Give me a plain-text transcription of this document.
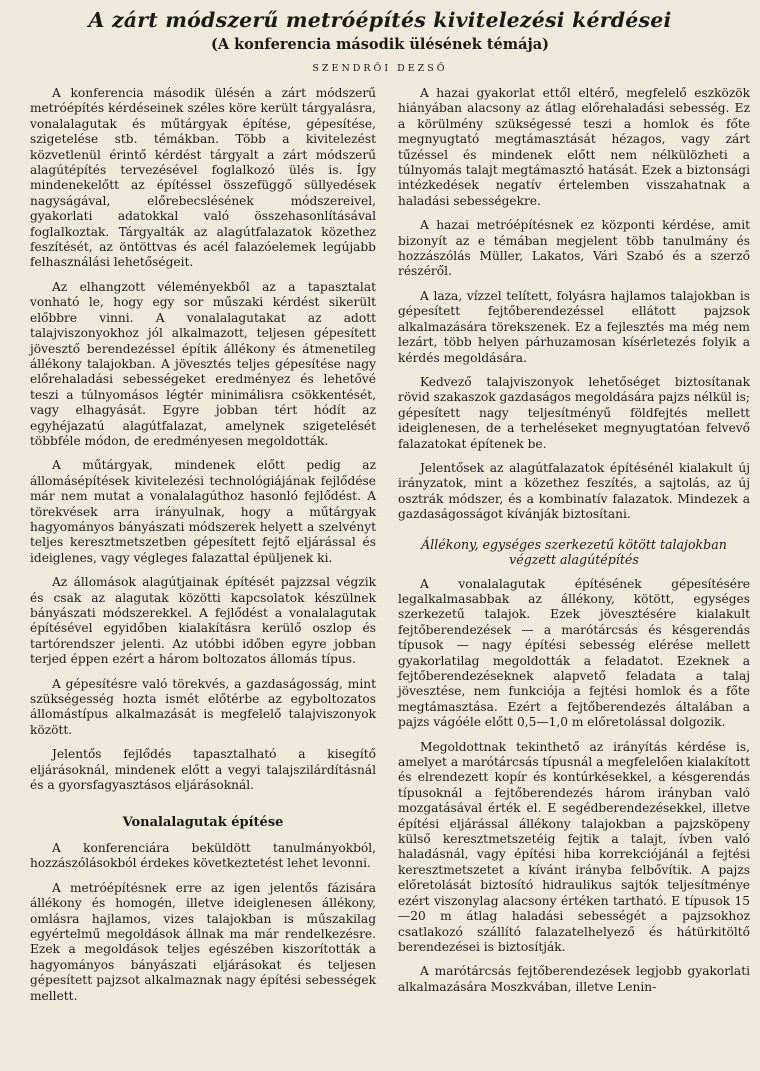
A zárt módszerű metróépítés kivitelezési kérdései
(A konferencia második ülésének témája)
SZENDRŐI DEZSŐ

A konferencia második ülésén a zárt módszerű metróépítés kérdéseinek széles köre került tárgyalásra, vonalalagutak és műtárgyak építése, gépesítése, szigetelése stb. témákban. Több a kivitelezést közvetlenül érintő kérdést tárgyalt a zárt módszerű alagútépítés tervezésével foglalkozó ülés is. Így mindenekelőtt az építéssel összefüggő süllyedések nagyságával, előrebecslésének módszereivel, gyakorlati adatokkal való összehasonlításával foglalkoztak. Tárgyalták az alagútfalazatok közethez feszítését, az öntöttvas és acél falazóelemek legújabb felhasználási lehetőségeit.

Az elhangzott véleményekből az a tapasztalat vonható le, hogy egy sor műszaki kérdést sikerült előbbre vinni. A vonalalagutakat az adott talajviszonyokhoz jól alkalmazott, teljesen gépesített jövesztő berendezéssel építik állékony és átmenetileg állékony talajokban. A jövesztés teljes gépesítése nagy előrehaladási sebességeket eredményez és lehetővé teszi a túlnyomásos légtér minimálisra csökkentését, vagy elhagyását. Egyre jobban tért hódít az egyhéjazatú alagútfalazat, amelynek szigetelését többféle módon, de eredményesen megoldották.

A műtárgyak, mindenek előtt pedig az állomásépítések kivitelezési technológiájának fejlődése már nem mutat a vonalalagúthoz hasonló fejlődést. A törekvések arra irányulnak, hogy a műtárgyak hagyományos bányászati módszerek helyett a szelvényt teljes keresztmetszetben gépesített fejtő eljárással és ideiglenes, vagy végleges falazattal épüljenek ki.

Az állomások alagútjainak építését pajzzsal végzik és csak az alagutak közötti kapcsolatok készülnek bányászati módszerekkel. A fejlődést a vonalalagutak építésével egyidőben kialakításra kerülő oszlop és tartórendszer jelenti. Az utóbbi időben egyre jobban terjed éppen ezért a három boltozatos állomás típus.

A gépesítésre való törekvés, a gazdaságosság, mint szükségesség hozta ismét előtérbe az egyboltozatos állomástípus alkalmazását is megfelelő talajviszonyok között.

Jelentős fejlődés tapasztalható a kisegítő eljárásoknál, mindenek előtt a vegyi talajszilárdításnál és a gyorsfagyasztásos eljárásoknál.

Vonalalagutak építése

A konferenciára beküldött tanulmányokból, hozzászólásokból érdekes következtetést lehet levonni.

A metróépítésnek erre az igen jelentős fázisára állékony és homogén, illetve ideiglenesen állékony, omlásra hajlamos, vizes talajokban is műszakilag egyértelmű megoldások állnak ma már rendelkezésre. Ezek a megoldások teljes egészében kiszorították a hagyományos bányászati eljárásokat és teljesen gépesített pajzsot alkalmaznak nagy építési sebességek mellett.

A hazai gyakorlat ettől eltérő, megfelelő eszközök hiányában alacsony az átlag előrehaladási sebesség. Ez a körülmény szükségessé teszi a homlok és főte megnyugtató megtámasztását hézagos, vagy zárt tűzéssel és mindenek előtt nem nélkülözheti a túlnyomás talajt megtámasztó hatását. Ezek a biztonsági intézkedések negatív értelemben visszahatnak a haladási sebességekre.

A hazai metróépítésnek ez központi kérdése, amit bizonyít az e témában megjelent több tanulmány és hozzászólás Müller, Lakatos, Vári Szabó és a szerző részéről.

A laza, vízzel telített, folyásra hajlamos talajokban is gépesített fejtőberendezéssel ellátott pajzsok alkalmazására törekszenek. Ez a fejlesztés ma még nem lezárt, több helyen párhuzamosan kísérletezés folyik a kérdés megoldására.

Kedvező talajviszonyok lehetőséget biztosítanak rövid szakaszok gazdaságos megoldására pajzs nélkül is; gépesített nagy teljesítményű földfejtés mellett ideiglenesen, de a terheléseket megnyugtatóan felvevő falazatokat építenek be.

Jelentősek az alagútfalazatok építésénél kialakult új irányzatok, mint a közethez feszítés, a sajtolás, az új osztrák módszer, és a kombinatív falazatok. Mindezek a gazdaságosságot kívánják biztosítani.

Állékony, egységes szerkezetű kötött talajokban végzett alagútépítés

A vonalalagutak építésének gépesítésére legalkalmasabbak az állékony, kötött, egységes szerkezetű talajok. Ezek jövesztésére kialakult fejtőberendezések — a marótárcsás és késgerendás típusok — nagy építési sebesség elérése mellett gyakorlatilag megoldották a feladatot. Ezeknek a fejtőberendezéseknek alapvető feladata a talaj jövesztése, nem funkciója a fejtési homlok és a főte megtámasztása. Ezért a fejtőberendezés általában a pajzs vágóéle előtt 0,5—1,0 m előretolással dolgozik.

Megoldottnak tekinthető az irányítás kérdése is, amelyet a marótárcsás típusnál a megfelelően kialakított és elrendezett kopír és kontúrkésekkel, a késgerendás típusoknál a fejtőberendezés három irányban való mozgatásával érték el. E segédberendezésekkel, illetve építési eljárással állékony talajokban a pajzsköpeny külső keresztmetszetéig fejtik a talajt, ívben való haladásnál, vagy építési hiba korrekciójánál a fejtési keresztmetszetet a kívánt irányba felbővítik. A pajzs előretolását biztosító hidraulikus sajtók teljesítménye ezért viszonylag alacsony értéken tartható. E típusok 15—20 m átlag haladási sebességét a pajzsokhoz csatlakozó szállító falazatelhelyező és hátürkitöltő berendezései is biztosítják.

A marótárcsás fejtőberendezések legjobb gyakorlati alkalmazására Moszkvában, illetve Lenin-
